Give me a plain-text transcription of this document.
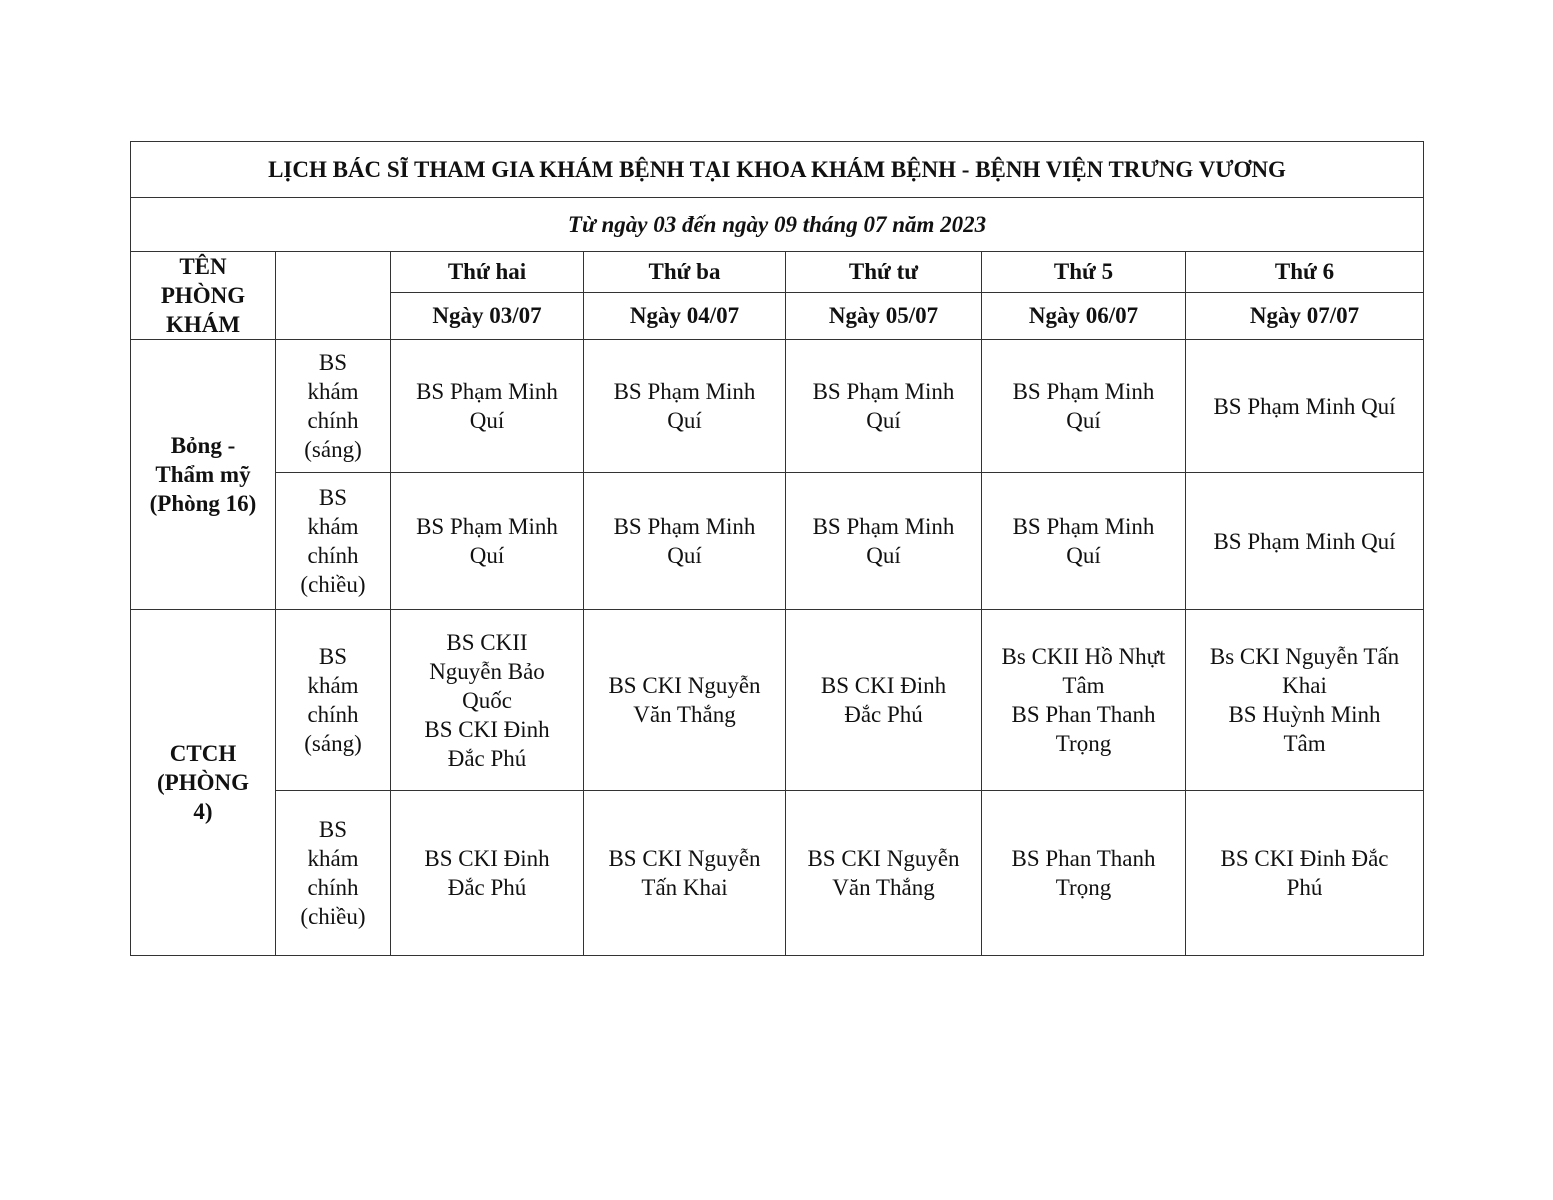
LỊCH BÁC SĨ THAM GIA KHÁM BỆNH TẠI KHOA KHÁM BỆNH - BỆNH VIỆN TRƯNG VƯƠNG						
Từ ngày 03 đến ngày 09 tháng 07 năm 2023						

TÊN
PHÒNG
KHÁM		Thứ hai	Thứ ba	Thứ tư	Thứ 5	Thứ 6
		Ngày 03/07	Ngày 04/07	Ngày 05/07	Ngày 06/07	Ngày 07/07

Bỏng -
Thẩm mỹ
(Phòng 16)	BS
khám
chính
(sáng)	BS Phạm Minh
Quí	BS Phạm Minh
Quí	BS Phạm Minh
Quí	BS Phạm Minh
Quí	BS Phạm Minh Quí

	BS
khám
chính
(chiều)	BS Phạm Minh
Quí	BS Phạm Minh
Quí	BS Phạm Minh
Quí	BS Phạm Minh
Quí	BS Phạm Minh Quí

CTCH
(PHÒNG
4)	BS
khám
chính
(sáng)	BS CKII
Nguyễn Bảo
Quốc
BS CKI Đinh
Đắc Phú	BS CKI Nguyễn
Văn Thắng	BS CKI Đinh
Đắc Phú	Bs CKII Hồ Nhựt
Tâm
BS Phan Thanh
Trọng	Bs CKI Nguyễn Tấn
Khai
BS Huỳnh Minh
Tâm

	BS
khám
chính
(chiều)	BS CKI Đinh
Đắc Phú	BS CKI Nguyễn
Tấn Khai	BS CKI Nguyễn
Văn Thắng	BS Phan Thanh
Trọng	BS CKI Đinh Đắc
Phú
